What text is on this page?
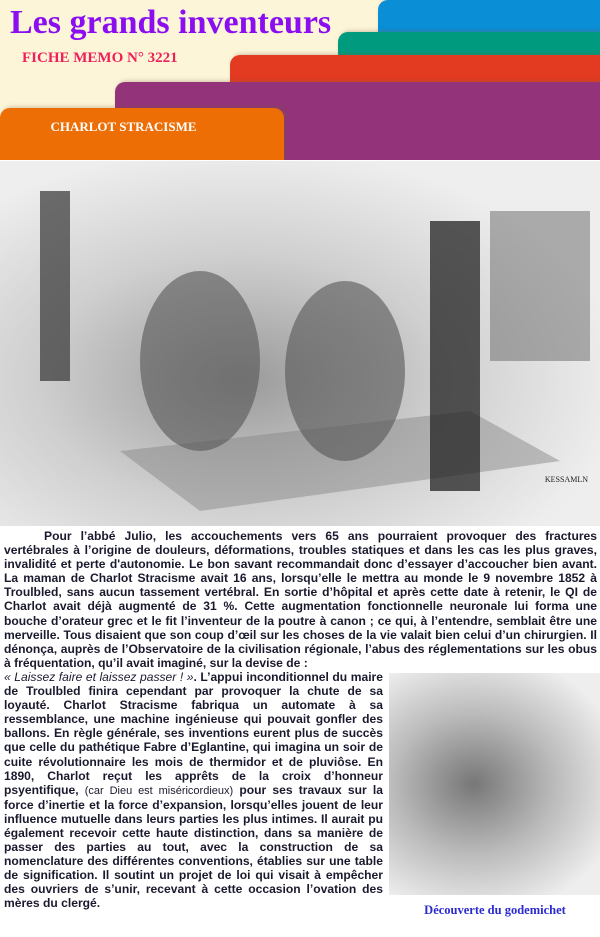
Les grands inventeurs
FICHE MEMO N° 3221
CHARLOT STRACISME
KESSAMLN

Pour l’abbé Julio, les accouchements vers 65 ans pourraient provoquer des fractures vertébrales à l’origine de douleurs, déformations, troubles statiques et dans les cas les plus graves, invalidité et perte d'autonomie. Le bon savant recommandait donc d’essayer d’accoucher bien avant. La maman de Charlot Stracisme avait 16 ans, lorsqu’elle le mettra au monde le 9 novembre 1852 à Troulbled, sans aucun tassement vertébral. En sortie d’hôpital et après cette date à retenir, le QI de Charlot avait déjà augmenté de 31 %. Cette augmentation fonctionnelle neuronale lui forma une bouche d’orateur grec et le fit l’inventeur de la poutre à canon ; ce qui, à l’entendre, semblait être une merveille. Tous disaient que son coup d’œil sur les choses de la vie valait bien celui d’un chirurgien. Il dénonça, auprès de l’Observatoire de la civilisation régionale, l’abus des réglementations sur les obus à fréquentation, qu’il avait imaginé, sur la devise de :

Découverte du godemichet

« Laissez faire et laissez passer ! ». L’appui inconditionnel du maire de Troulbled finira cependant par provoquer la chute de sa loyauté. Charlot Stracisme fabriqua un automate à sa ressemblance, une machine ingénieuse qui pouvait gonfler des ballons. En règle générale, ses inventions eurent plus de succès que celle du pathétique Fabre d’Eglantine, qui imagina un soir de cuite révolutionnaire les mois de thermidor et de pluviôse. En 1890, Charlot reçut les apprêts de la croix d’honneur psyentifique, (car Dieu est miséricordieux) pour ses travaux sur la force d’inertie et la force d’expansion, lorsqu’elles jouent de leur influence mutuelle dans leurs parties les plus intimes. Il aurait pu également recevoir cette haute distinction, dans sa manière de passer des parties au tout, avec la construction de sa nomenclature des différentes conventions, établies sur une table de signification. Il soutint un projet de loi qui visait à empêcher des ouvriers de s’unir, recevant à cette occasion l’ovation des mères du clergé.
